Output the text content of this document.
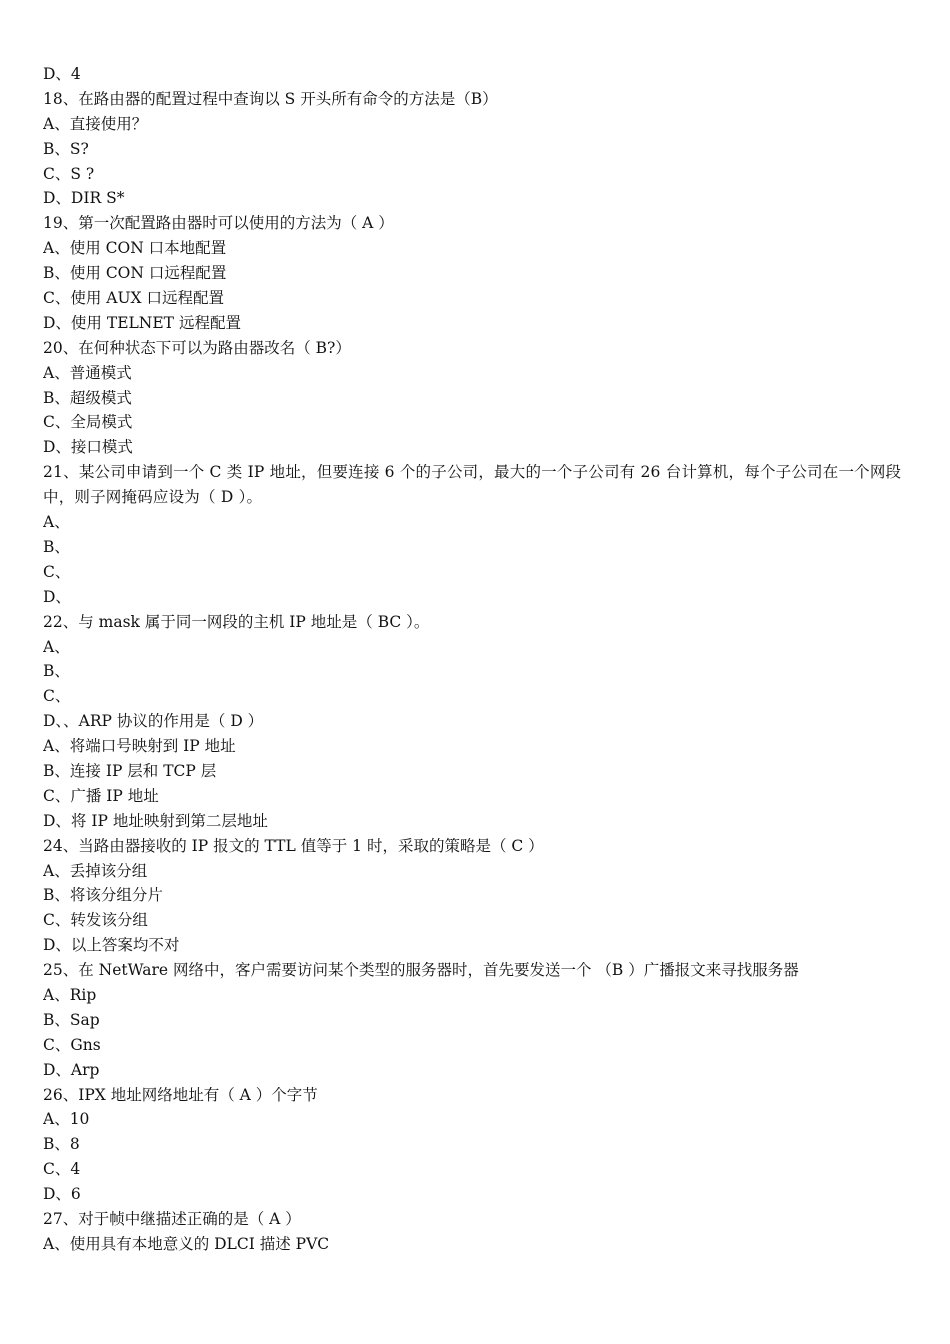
D、4
18、在路由器的配置过程中查询以 S 开头所有命令的方法是（B）
A、直接使用？
B、S?
C、S ?
D、DIR S*
19、第一次配置路由器时可以使用的方法为（ A ）
A、使用 CON 口本地配置
B、使用 CON 口远程配置
C、使用 AUX 口远程配置
D、使用 TELNET 远程配置
20、在何种状态下可以为路由器改名（ B?）
A、普通模式
B、超级模式
C、全局模式
D、接口模式
21、某公司申请到一个 C 类 IP 地址，但要连接 6 个的子公司，最大的一个子公司有 26 台计算机，每个子公司在一个网段中，则子网掩码应设为（ D ）。
A、
B、
C、
D、
22、与 mask 属于同一网段的主机 IP 地址是（ BC ）。
A、
B、
C、
D、、ARP 协议的作用是（ D ）
A、将端口号映射到 IP 地址
B、连接 IP 层和 TCP 层
C、广播 IP 地址
D、将 IP 地址映射到第二层地址
24、当路由器接收的 IP 报文的 TTL 值等于 1 时，采取的策略是（ C ）
A、丢掉该分组
B、将该分组分片
C、转发该分组
D、以上答案均不对
25、在 NetWare 网络中，客户需要访问某个类型的服务器时，首先要发送一个 （B ）广播报文来寻找服务器
A、Rip
B、Sap
C、Gns
D、Arp
26、IPX 地址网络地址有（ A ）个字节
A、10
B、8
C、4
D、6
27、对于帧中继描述正确的是（ A ）
A、使用具有本地意义的 DLCI 描述 PVC
